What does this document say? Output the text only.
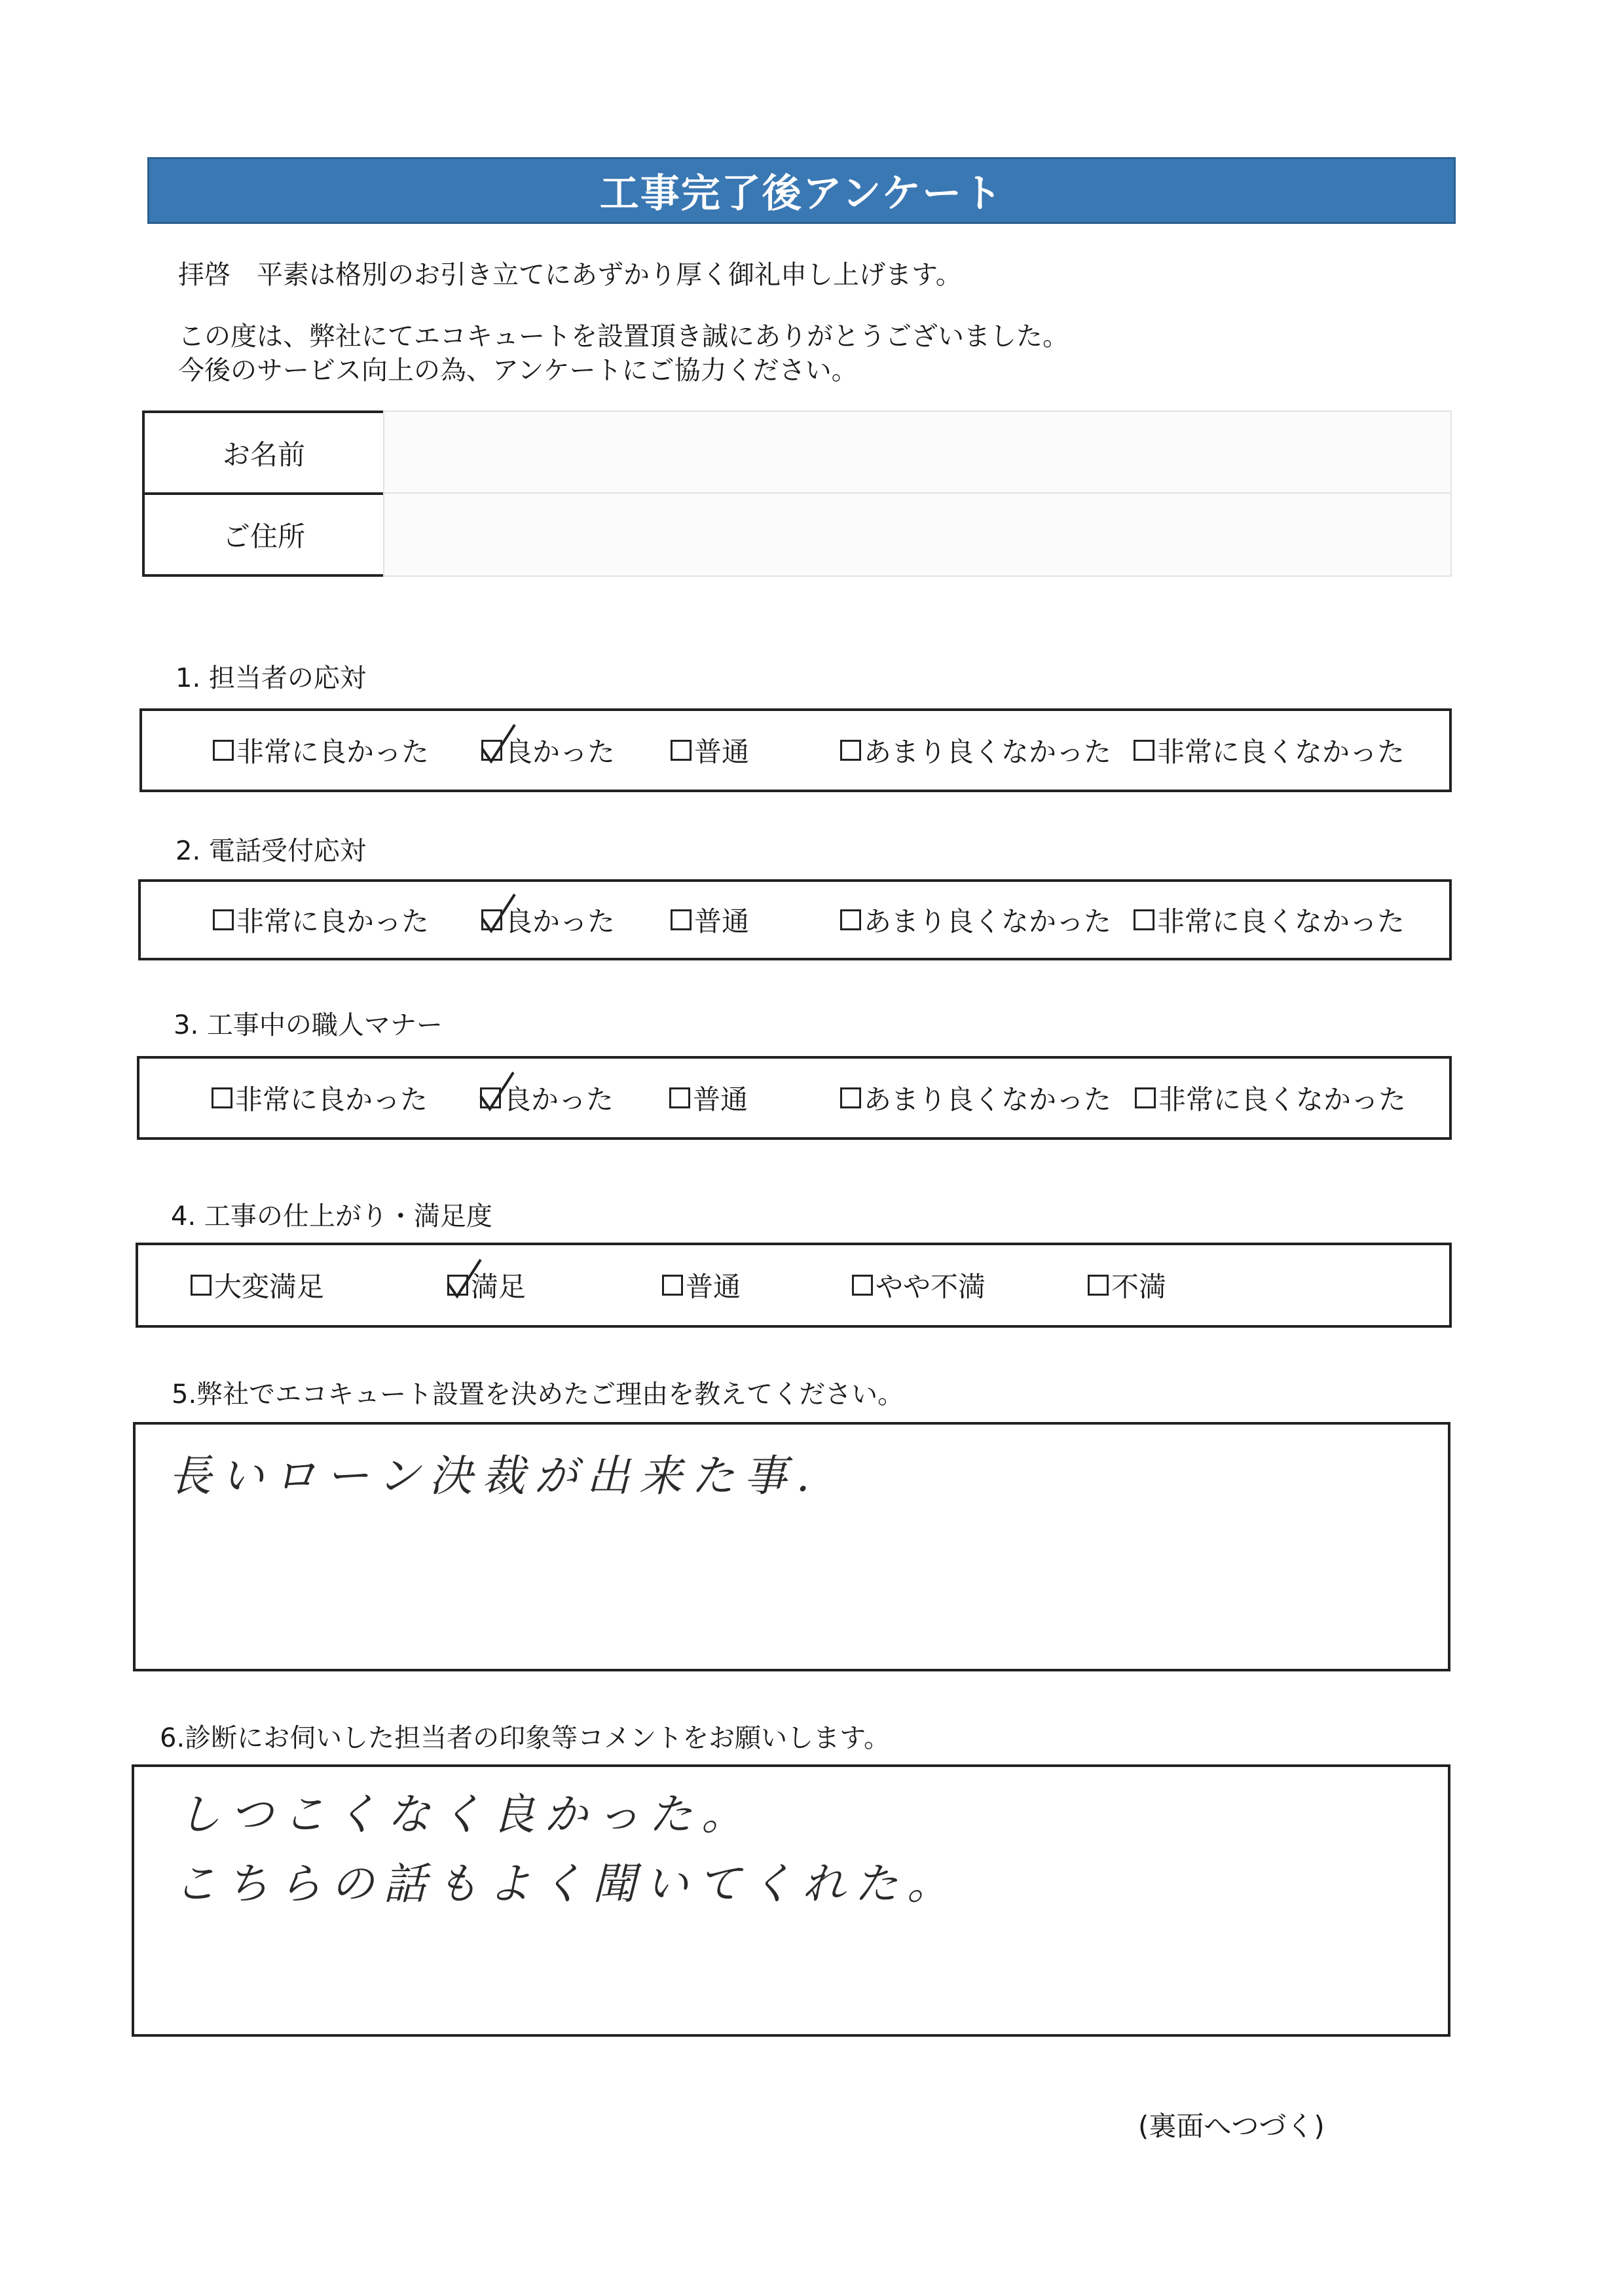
工事完了後アンケート
拝啓　平素は格別のお引き立てにあずかり厚く御礼申し上げます。
この度は、弊社にてエコキュートを設置頂き誠にありがとうございました。
今後のサービス向上の為、アンケートにご協力ください。
お名前
ご住所
1. 担当者の応対
非常に良かった	良かった	普通	あまり良くなかった 非常に良くなかった
2. 電話受付応対
非常に良かった	良かった	普通	あまり良くなかった 非常に良くなかった
3. 工事中の職人マナー
非常に良かった	良かった	普通	あまり良くなかった 非常に良くなかった
4. 工事の仕上がり・満足度
大変満足	満足	普通	やや不満	不満
5.弊社でエコキュート設置を決めたご理由を教えてください。
長いローン決裁が出来た事.
6.診断にお伺いした担当者の印象等コメントをお願いします。
しつこくなく良かった。
こちらの話もよく聞いてくれた。
(裏面へつづく)
